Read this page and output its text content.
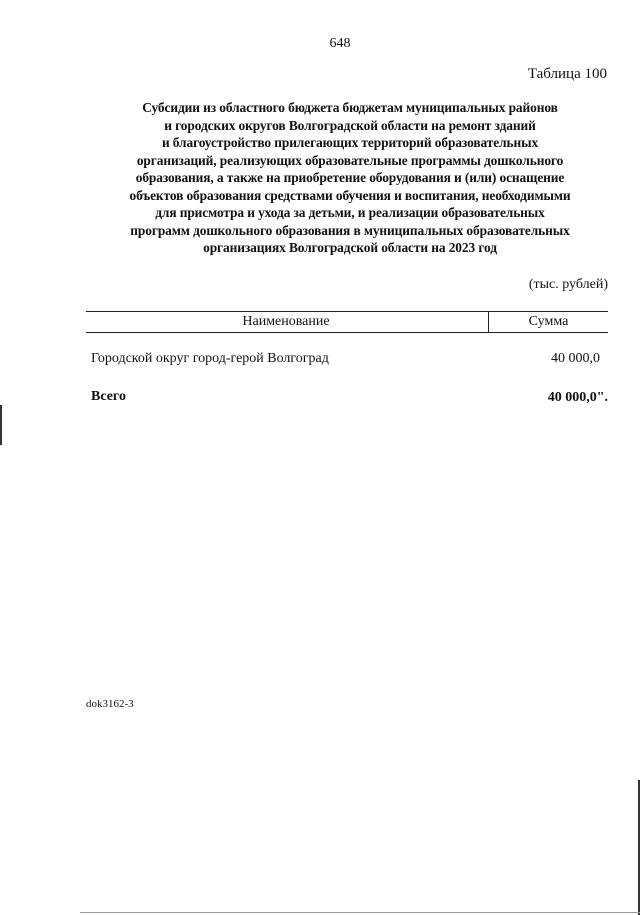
648
Таблица 100
Субсидии из областного бюджета бюджетам муниципальных районов
и городских округов Волгоградской области на ремонт зданий
и благоустройство прилегающих территорий образовательных
организаций, реализующих образовательные программы дошкольного
образования, а также на приобретение оборудования и (или) оснащение
объектов образования средствами обучения и воспитания, необходимыми
для присмотра и ухода за детьми, и реализации образовательных
программ дошкольного образования в муниципальных образовательных
организациях Волгоградской области на 2023 год
(тыс. рублей)
Наименование	Сумма
Городской округ город-герой Волгоград	40 000,0
Всего	40 000,0".
dok3162-3
